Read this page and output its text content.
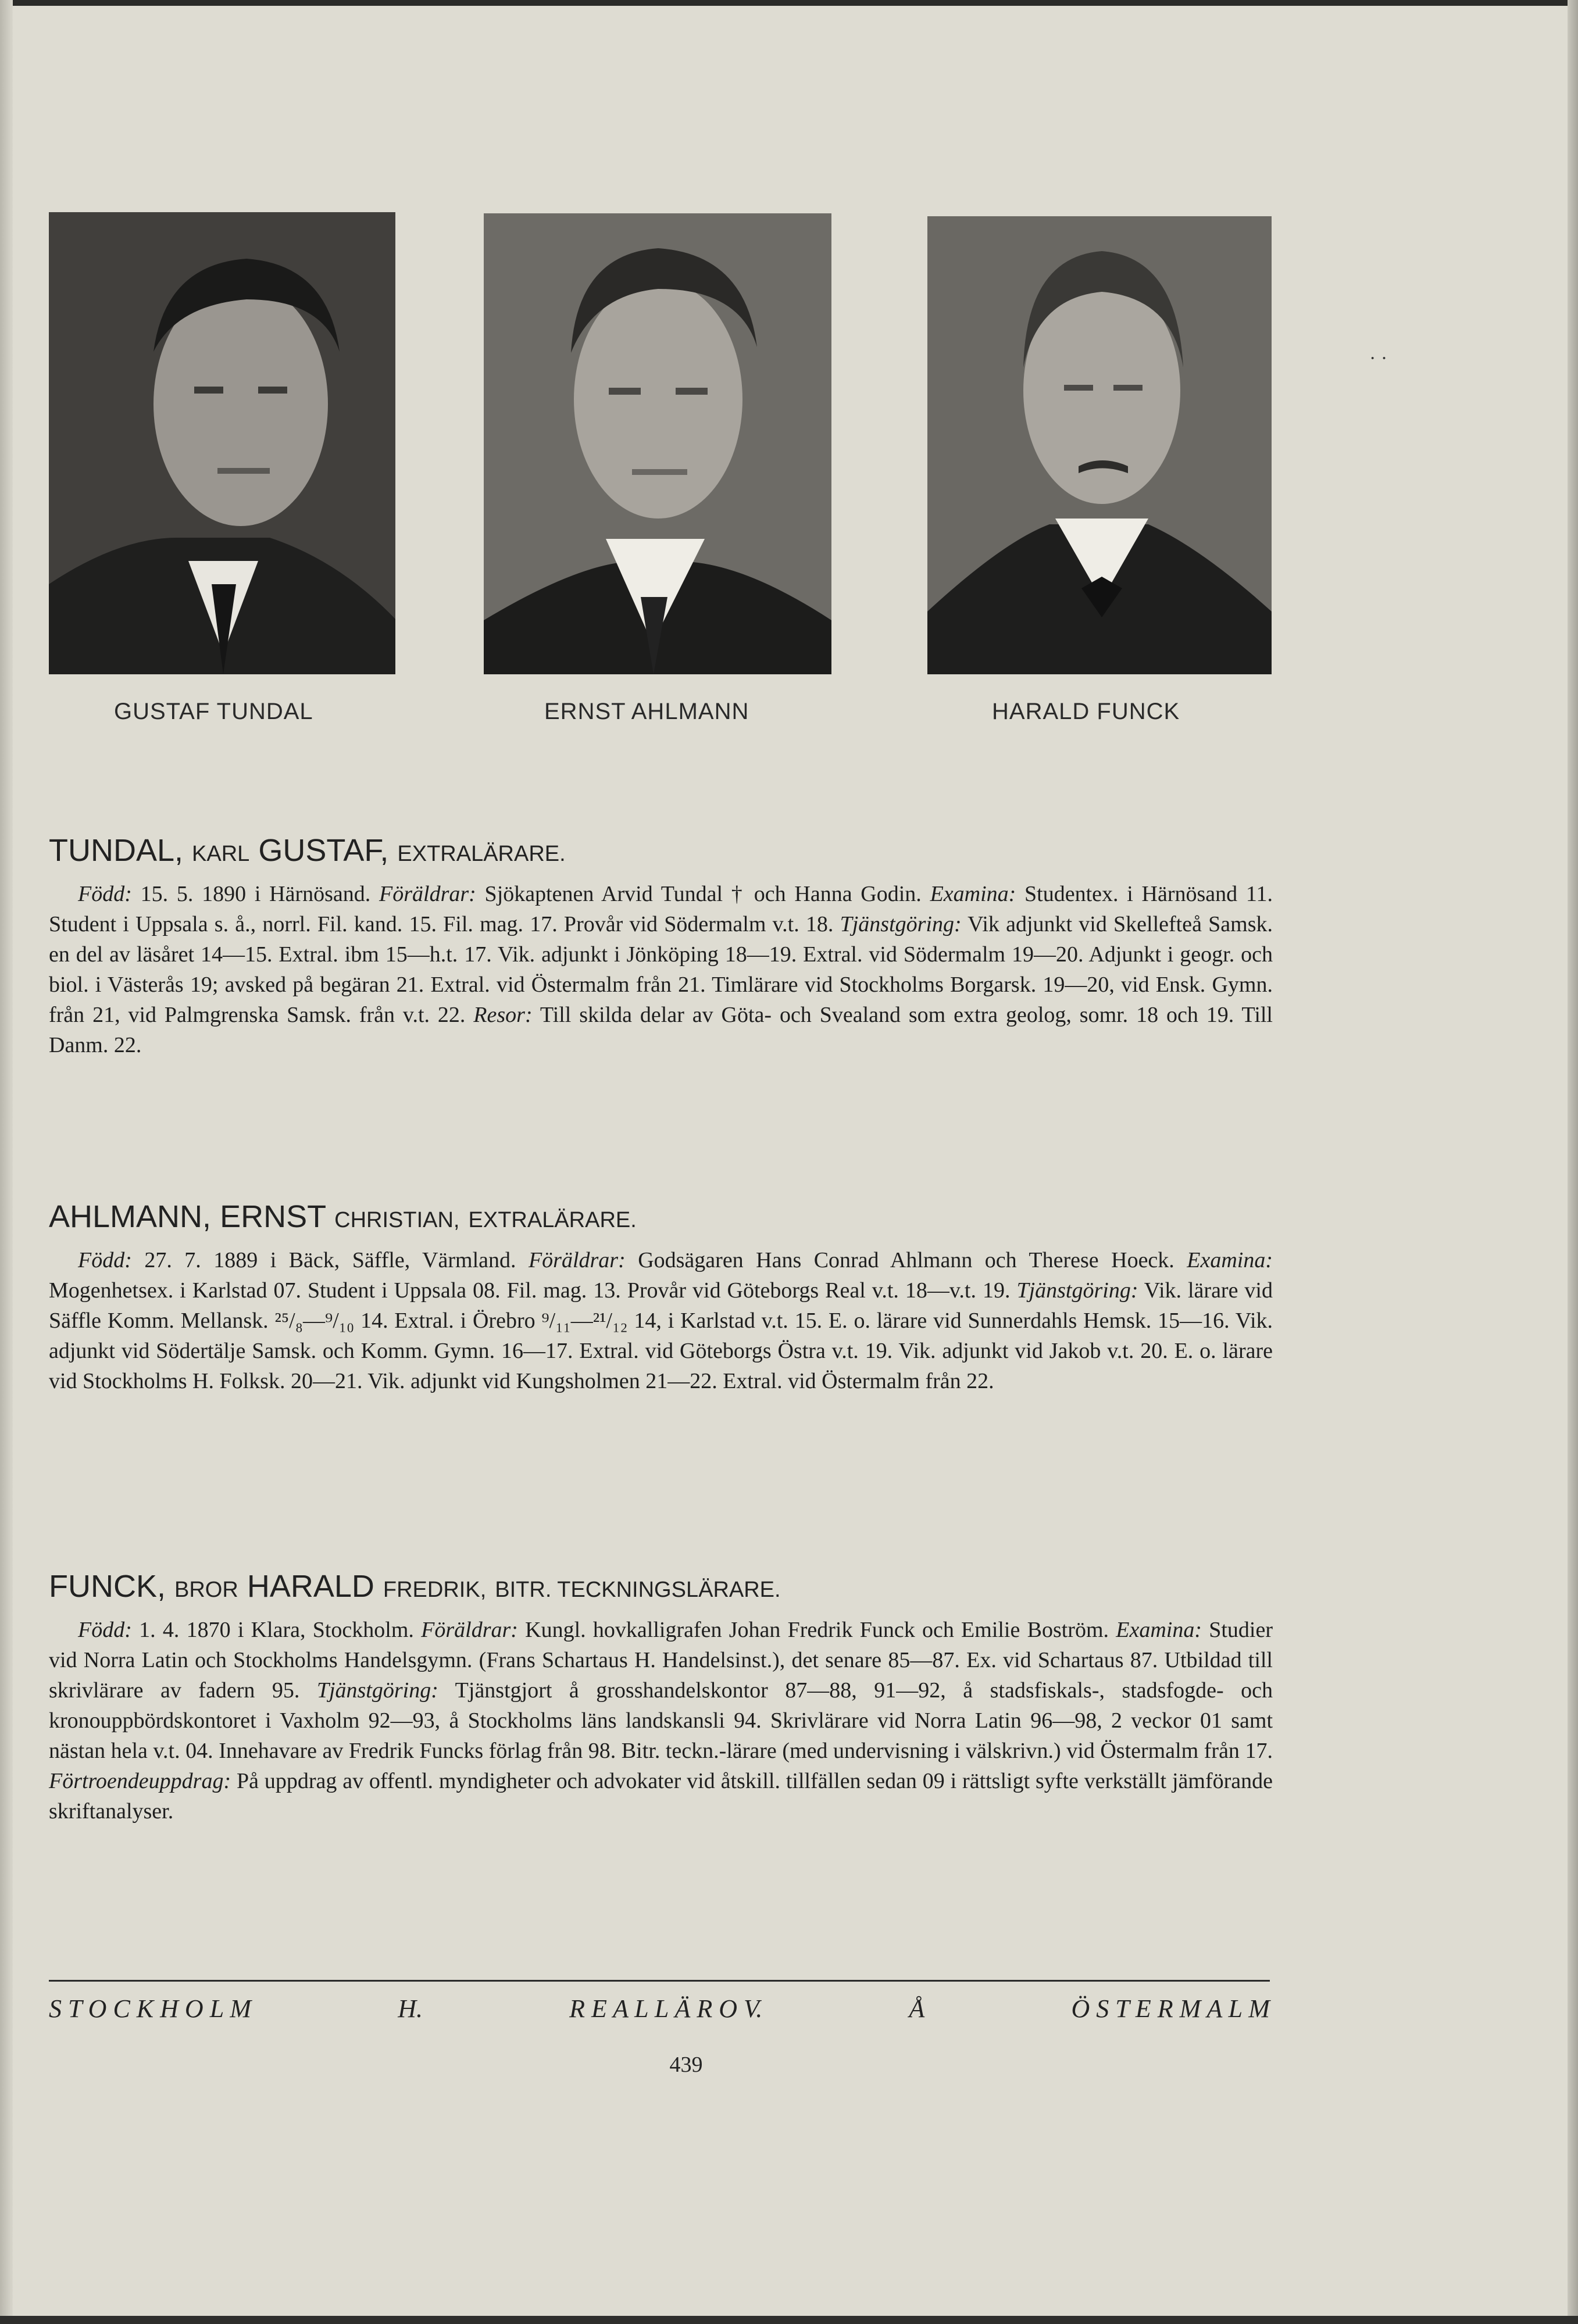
GUSTAF TUNDAL	ERNST AHLMANN	HARALD FUNCK
· ·
TUNDAL, KARL GUSTAF, EXTRALÄRARE.

Född: 15. 5. 1890 i Härnösand. Föräldrar: Sjökaptenen Arvid Tundal † och Hanna Godin. Examina: Studentex. i Härnösand 11. Student i Uppsala s. å., norrl. Fil. kand. 15. Fil. mag. 17. Provår vid Södermalm v.t. 18. Tjänstgöring: Vik adjunkt vid Skellefteå Samsk. en del av läsåret 14—15. Extral. ibm 15—h.t. 17. Vik. adjunkt i Jönköping 18—19. Extral. vid Södermalm 19—20. Adjunkt i geogr. och biol. i Västerås 19; avsked på begäran 21. Extral. vid Östermalm från 21. Timlärare vid Stockholms Borgarsk. 19—20, vid Ensk. Gymn. från 21, vid Palmgrenska Samsk. från v.t. 22. Resor: Till skilda delar av Göta- och Svealand som extra geolog, somr. 18 och 19. Till Danm. 22.

AHLMANN, ERNST CHRISTIAN, EXTRALÄRARE.

Född: 27. 7. 1889 i Bäck, Säffle, Värmland. Föräldrar: Godsägaren Hans Conrad Ahlmann och Therese Hoeck. Examina: Mogenhetsex. i Karlstad 07. Student i Uppsala 08. Fil. mag. 13. Provår vid Göteborgs Real v.t. 18—v.t. 19. Tjänstgöring: Vik. lärare vid Säffle Komm. Mellansk. ²⁵/₈—⁹/₁₀ 14. Extral. i Örebro ⁹/₁₁—²¹/₁₂ 14, i Karlstad v.t. 15. E. o. lärare vid Sunnerdahls Hemsk. 15—16. Vik. adjunkt vid Södertälje Samsk. och Komm. Gymn. 16—17. Extral. vid Göteborgs Östra v.t. 19. Vik. adjunkt vid Jakob v.t. 20. E. o. lärare vid Stockholms H. Folksk. 20—21. Vik. adjunkt vid Kungsholmen 21—22. Extral. vid Östermalm från 22.

FUNCK, BROR HARALD FREDRIK, BITR. TECKNINGSLÄRARE.

Född: 1. 4. 1870 i Klara, Stockholm. Föräldrar: Kungl. hovkalligrafen Johan Fredrik Funck och Emilie Boström. Examina: Studier vid Norra Latin och Stockholms Handelsgymn. (Frans Schartaus H. Handelsinst.), det senare 85—87. Ex. vid Schartaus 87. Utbildad till skrivlärare av fadern 95. Tjänstgöring: Tjänstgjort å grosshandelskontor 87—88, 91—92, å stadsfiskals-, stadsfogde- och kronouppbördskontoret i Vaxholm 92—93, å Stockholms läns landskansli 94. Skrivlärare vid Norra Latin 96—98, 2 veckor 01 samt nästan hela v.t. 04. Innehavare av Fredrik Funcks förlag från 98. Bitr. teckn.-lärare (med undervisning i välskrivn.) vid Östermalm från 17. Förtroendeuppdrag: På uppdrag av offentl. myndigheter och advokater vid åtskill. tillfällen sedan 09 i rättsligt syfte verkställt jämförande skriftanalyser.

S T O C K H O L M	H.	R E A L L Ä R O V.	Å	Ö S T E R M A L M
439
